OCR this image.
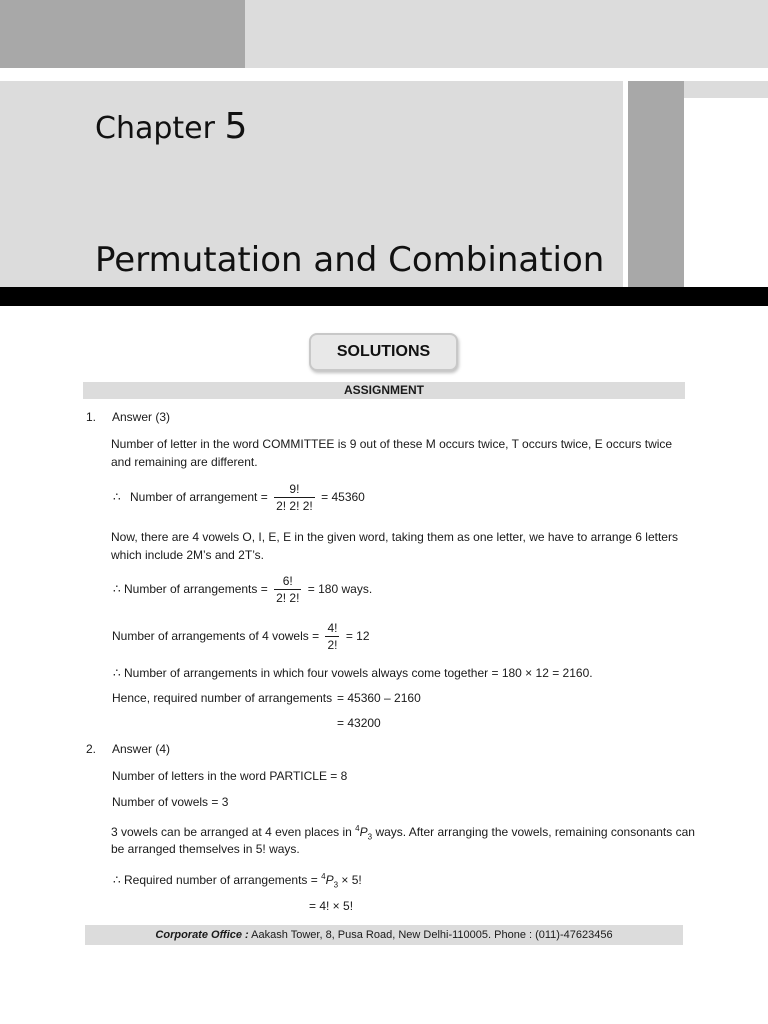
Chapter 5
Permutation and Combination
SOLUTIONS
ASSIGNMENT
1. Answer (3)
Number of letter in the word COMMITTEE is 9 out of these M occurs twice, T occurs twice, E occurs twice and remaining are different.
∴ Number of arrangement = $\frac{9!}{2! 2! 2!} = 45360$
Now, there are 4 vowels O, I, E, E in the given word, taking them as one letter, we have to arrange 6 letters which include 2M’s and 2T’s.
∴ Number of arrangements = $\frac{6!}{2! 2!} = 180$ ways.
Number of arrangements of 4 vowels = $\frac{4!}{2!} = 12$
∴ Number of arrangements in which four vowels always come together = 180 × 12 = 2160.
Hence, required number of arrangements = 45360 – 2160
= 43200
2. Answer (4)
Number of letters in the word PARTICLE = 8
Number of vowels = 3
3 vowels can be arranged at 4 even places in $^4P_3$ ways. After arranging the vowels, remaining consonants can
be arranged themselves in 5! ways.
∴ Required number of arrangements = $^4P_3 \times 5$!
= 4! × 5!
Corporate Office : Aakash Tower, 8, Pusa Road, New Delhi-110005. Phone : (011)-47623456
